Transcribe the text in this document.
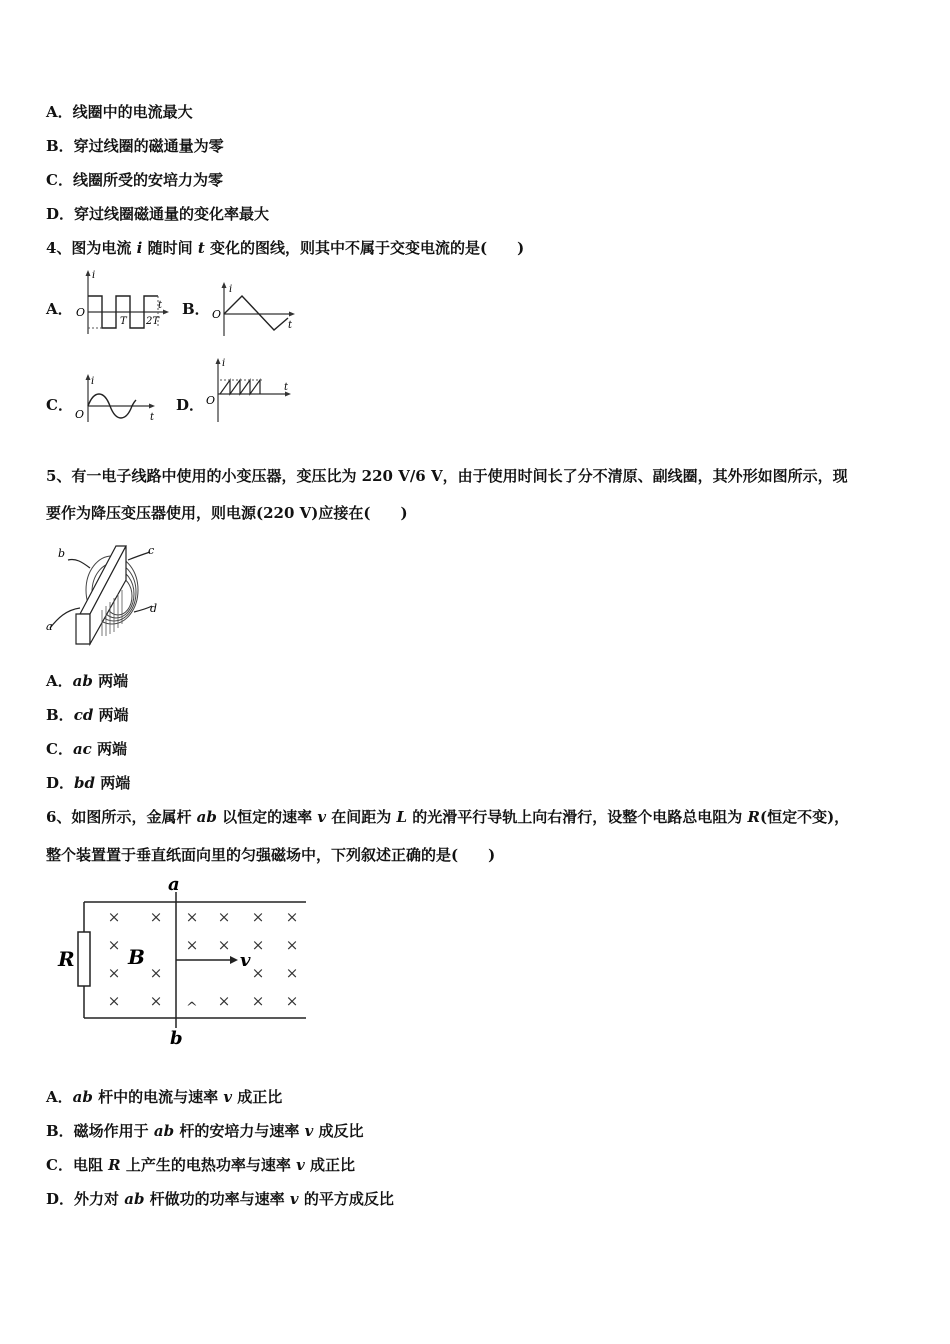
A．线圈中的电流最大
B．穿过线圈的磁通量为零
C．线圈所受的安培力为零
D．穿过线圈磁通量的变化率最大
4、图为电流 i 随时间 t 变化的图线，则其中不属于交变电流的是(　　)
A．
i
O
T 2T
t B．
i
O
t
C．
i
O	t
D．
i
O
t
5、有一电子线路中使用的小变压器，变压比为 220 V/6 V，由于使用时间长了分不清原、副线圈，其外形如图所示，现
要作为降压变压器使用，则电源(220 V)应接在(　　)
b	c
d
a
A．ab 两端
B．cd 两端
C．ac 两端
D．bd 两端
6、如图所示，金属杆 ab 以恒定的速率 v 在间距为 L 的光滑平行导轨上向右滑行，设整个电路总电阻为 R(恒定不变)，
整个装置置于垂直纸面向里的匀强磁场中，下列叙述正确的是(　　)
× × × × × ×
×	× × × ×
× ×	× ×
× ×	× × ×
a
b
R	B	v
^
A．ab 杆中的电流与速率 v 成正比
B．磁场作用于 ab 杆的安培力与速率 v 成反比
C．电阻 R 上产生的电热功率与速率 v 成正比
D．外力对 ab 杆做功的功率与速率 v 的平方成反比
